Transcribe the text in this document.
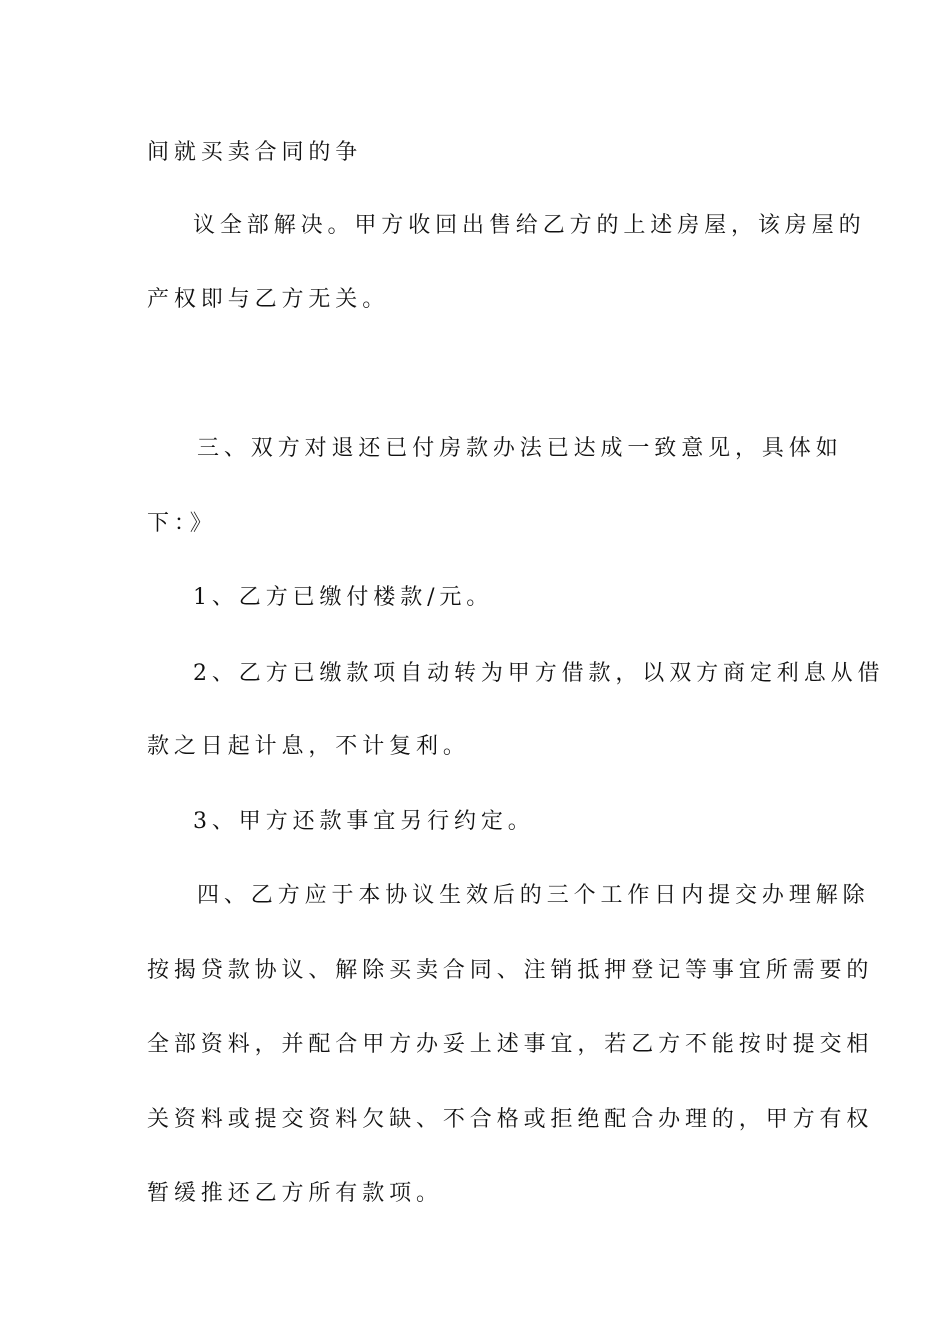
间就买卖合同的争
议全部解决。甲方收回出售给乙方的上述房屋，该房屋的
产权即与乙方无关。
三、双方对退还已付房款办法已达成一致意见，具体如
下：》
1、乙方已缴付楼款/元。
2、乙方已缴款项自动转为甲方借款，以双方商定利息从借
款之日起计息，不计复利。
3、甲方还款事宜另行约定。
四、乙方应于本协议生效后的三个工作日内提交办理解除
按揭贷款协议、解除买卖合同、注销抵押登记等事宜所需要的
全部资料，并配合甲方办妥上述事宜，若乙方不能按时提交相
关资料或提交资料欠缺、不合格或拒绝配合办理的，甲方有权
暂缓推还乙方所有款项。
